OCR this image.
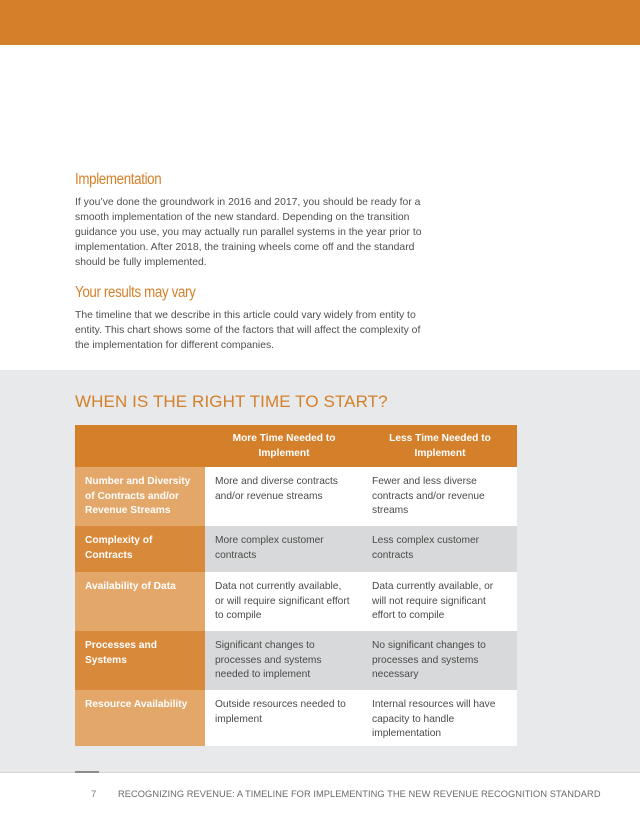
Implementation

If you’ve done the groundwork in 2016 and 2017, you should be ready for a smooth implementation of the new standard. Depending on the transition guidance you use, you may actually run parallel systems in the year prior to implementation. After 2018, the training wheels come off and the standard should be fully implemented.

Your results may vary

The timeline that we describe in this article could vary widely from entity to entity. This chart shows some of the factors that will affect the complexity of the implementation for different companies.

WHEN IS THE RIGHT TIME TO START?
More Time Needed to Implement
Less Time Needed to Implement
Number and Diversity of Contracts and/or Revenue Streams
More and diverse contracts and/or revenue streams
Fewer and less diverse contracts and/or revenue streams
Complexity of Contracts
More complex customer contracts
Less complex customer contracts
Availability of Data	Data not currently available, or will require significant effort to compile
Data currently available, or will not require significant effort to compile
Processes and Systems
Significant changes to processes and systems needed to implement
No significant changes to processes and systems necessary
Resource Availability	Outside resources needed to implement
Internal resources will have capacity to handle implementation
7 RECOGNIZING REVENUE: A TIMELINE FOR IMPLEMENTING THE NEW REVENUE RECOGNITION STANDARD
